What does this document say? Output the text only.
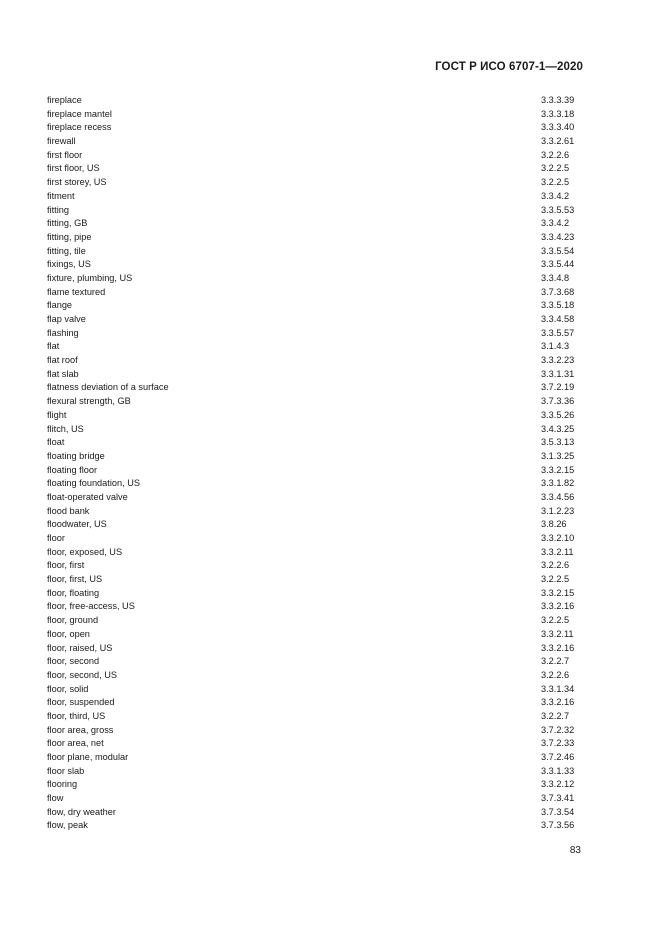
ГОСТ Р ИСО 6707-1—2020
fireplace	3.3.3.39
fireplace mantel	3.3.3.18
fireplace recess	3.3.3.40
firewall	3.3.2.61
first floor	3.2.2.6
first floor, US	3.2.2.5
first storey, US	3.2.2.5
fitment	3.3.4.2
fitting	3.3.5.53
fitting, GB	3.3.4.2
fitting, pipe	3.3.4.23
fitting, tile	3.3.5.54
fixings, US	3.3.5.44
fixture, plumbing, US	3.3.4.8
flame textured	3.7.3.68
flange	3.3.5.18
flap valve	3.3.4.58
flashing	3.3.5.57
flat	3.1.4.3
flat roof	3.3.2.23
flat slab	3.3.1.31
flatness deviation of a surface	3.7.2.19
flexural strength, GB	3.7.3.36
flight	3.3.5.26
flitch, US	3.4.3.25
float	3.5.3.13
floating bridge	3.1.3.25
floating floor	3.3.2.15
floating foundation, US	3.3.1.82
float-operated valve	3.3.4.56
flood bank	3.1.2.23
floodwater, US	3.8.26
floor	3.3.2.10
floor, exposed, US	3.3.2.11
floor, first	3.2.2.6
floor, first, US	3.2.2.5
floor, floating	3.3.2.15
floor, free-access, US	3.3.2.16
floor, ground	3.2.2.5
floor, open	3.3.2.11
floor, raised, US	3.3.2.16
floor, second	3.2.2.7
floor, second, US	3.2.2.6
floor, solid	3.3.1.34
floor, suspended	3.3.2.16
floor, third, US	3.2.2.7
floor area, gross	3.7.2.32
floor area, net	3.7.2.33
floor plane, modular	3.7.2.46
floor slab	3.3.1.33
flooring	3.3.2.12
flow	3.7.3.41
flow, dry weather	3.7.3.54
flow, peak	3.7.3.56
83
